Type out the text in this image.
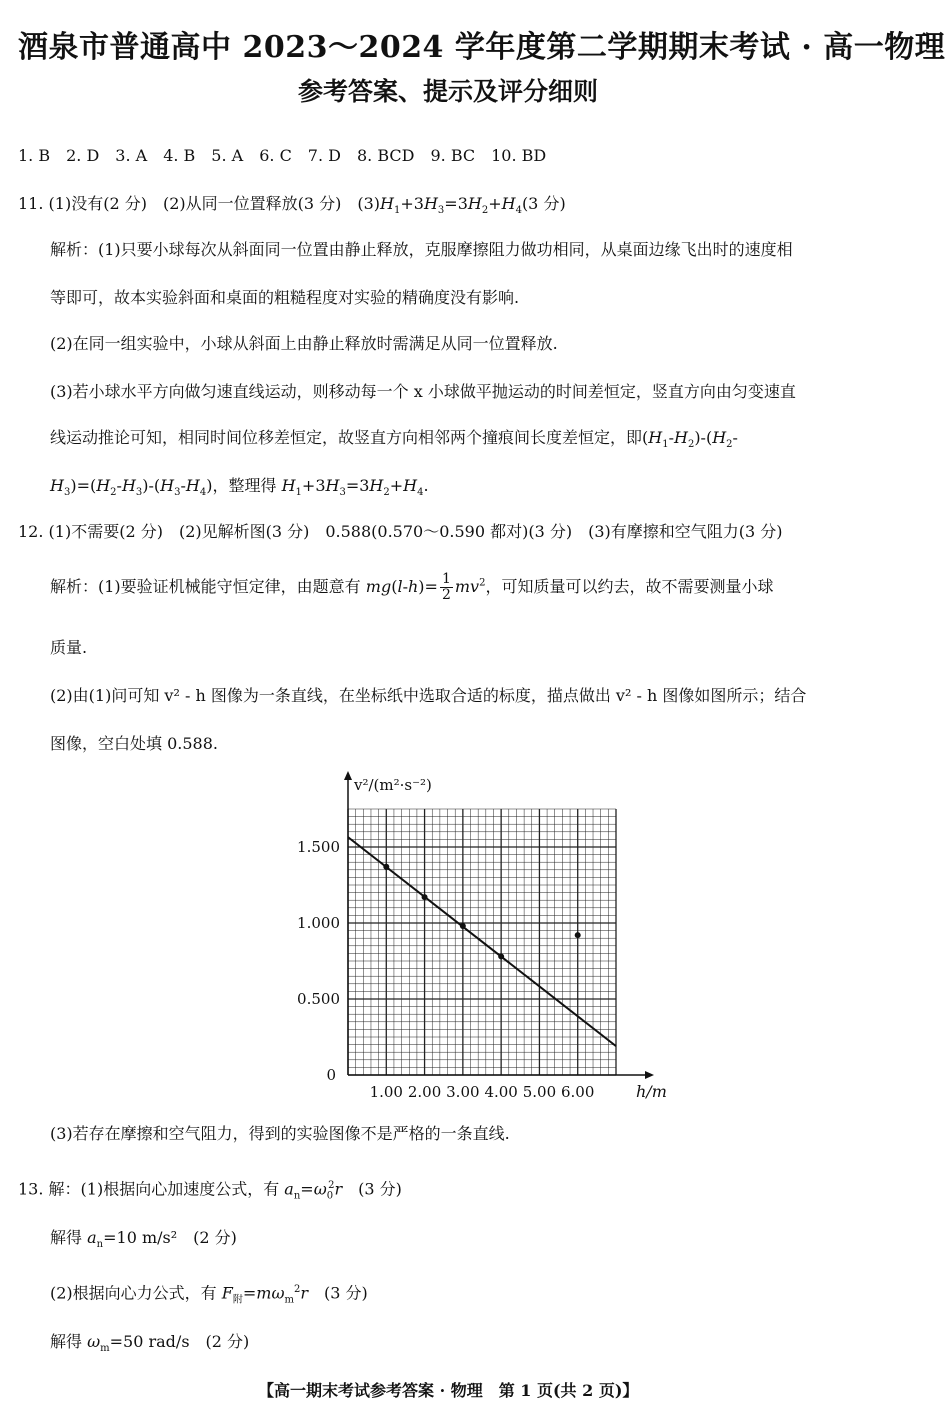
酒泉市普通高中 2023～2024 学年度第二学期期末考试 · 高一物理
参考答案、提示及评分细则
1. B　2. D　3. A　4. B　5. A　6. C　7. D　8. BCD　9. BC　10. BD
11. (1)没有(2 分)　(2)从同一位置释放(3 分)　$(3)H_1+3H_3=3H_2+H_4(3$ 分)
解析：(1)只要小球每次从斜面同一位置由静止释放，克服摩擦阻力做功相同，从桌面边缘飞出时的速度相
等即可，故本实验斜面和桌面的粗糙程度对实验的精确度没有影响.
(2)在同一组实验中，小球从斜面上由静止释放时需满足从同一位置释放.
(3)若小球水平方向做匀速直线运动，则移动每一个 x 小球做平抛运动的时间差恒定，竖直方向由匀变速直
线运动推论可知，相同时间位移差恒定，故竖直方向相邻两个撞痕间长度差恒定，即$(H_1-H_2)-(H_2-$
$H_3)=(H_2-H_3)-(H_3-H_4)$，整理得 $H_1+3H_3=3H_2+H_4$.
12. (1)不需要(2 分)　(2)见解析图(3 分)　0.588(0.570～0.590 都对)(3 分)　(3)有摩擦和空气阻力(3 分)
解析：(1)要验证机械能守恒定律，由题意有 $mg(l-h)= \frac{1}{2} mv^2$，可知质量可以约去，故不需要测量小球
质量.
(2)由(1)问可知 v² - h 图像为一条直线，在坐标纸中选取合适的标度，描点做出 v² - h 图像如图所示；结合
图像，空白处填 0.588.
1.00 2.00 3.00 4.00 5.00 6.00
0.500
1.000
1.500
0
h/m
v²/(m²·s⁻²)
(3)若存在摩擦和空气阻力，得到的实验图像不是严格的一条直线.
13. 解：(1)根据向心加速度公式，有 $a_n=\omega_0^2r$　 (3 分)
解得 $a_n=10$ m/s²　(2 分)
(2)根据向心力公式，有 $F_附=m\omega_m^2r$　 (3 分)
解得 $\omega_m=50$ rad/s　(2 分)
【高一期末考试参考答案 · 物理　第 1 页(共 2 页)】
